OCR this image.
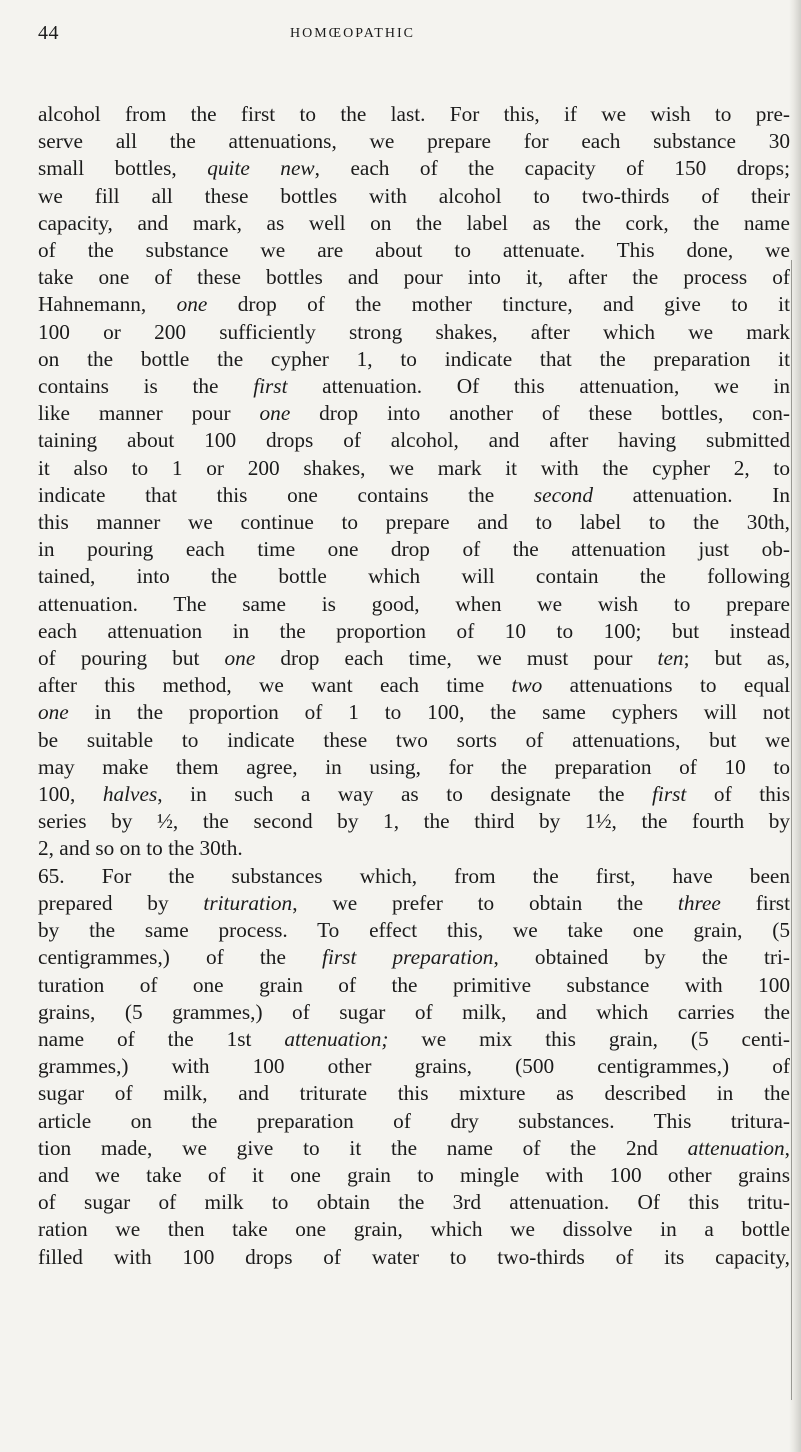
44	HOMŒOPATHIC
alcohol from the first to the last. For this, if we wish to pre-
serve all the attenuations, we prepare for each substance 30
small bottles, quite new, each of the capacity of 150 drops;
we fill all these bottles with alcohol to two-thirds of their
capacity, and mark, as well on the label as the cork, the name
of the substance we are about to attenuate. This done, we
take one of these bottles and pour into it, after the process of
Hahnemann, one drop of the mother tincture, and give to it
100 or 200 sufficiently strong shakes, after which we mark
on the bottle the cypher 1, to indicate that the preparation it
contains is the first attenuation. Of this attenuation, we in
like manner pour one drop into another of these bottles, con-
taining about 100 drops of alcohol, and after having submitted
it also to 1 or 200 shakes, we mark it with the cypher 2, to
indicate that this one contains the second attenuation. In
this manner we continue to prepare and to label to the 30th,
in pouring each time one drop of the attenuation just ob-
tained, into the bottle which will contain the following
attenuation. The same is good, when we wish to prepare
each attenuation in the proportion of 10 to 100; but instead
of pouring but one drop each time, we must pour ten; but as,
after this method, we want each time two attenuations to equal
one in the proportion of 1 to 100, the same cyphers will not
be suitable to indicate these two sorts of attenuations, but we
may make them agree, in using, for the preparation of 10 to
100, halves, in such a way as to designate the first of this
series by ½, the second by 1, the third by 1½, the fourth by
2, and so on to the 30th.
65. For the substances which, from the first, have been
prepared by trituration, we prefer to obtain the three first
by the same process. To effect this, we take one grain, (5
centigrammes,) of the first preparation, obtained by the tri-
turation of one grain of the primitive substance with 100
grains, (5 grammes,) of sugar of milk, and which carries the
name of the 1st attenuation; we mix this grain, (5 centi-
grammes,) with 100 other grains, (500 centigrammes,) of
sugar of milk, and triturate this mixture as described in the
article on the preparation of dry substances. This tritura-
tion made, we give to it the name of the 2nd attenuation,
and we take of it one grain to mingle with 100 other grains
of sugar of milk to obtain the 3rd attenuation. Of this tritu-
ration we then take one grain, which we dissolve in a bottle
filled with 100 drops of water to two-thirds of its capacity,
